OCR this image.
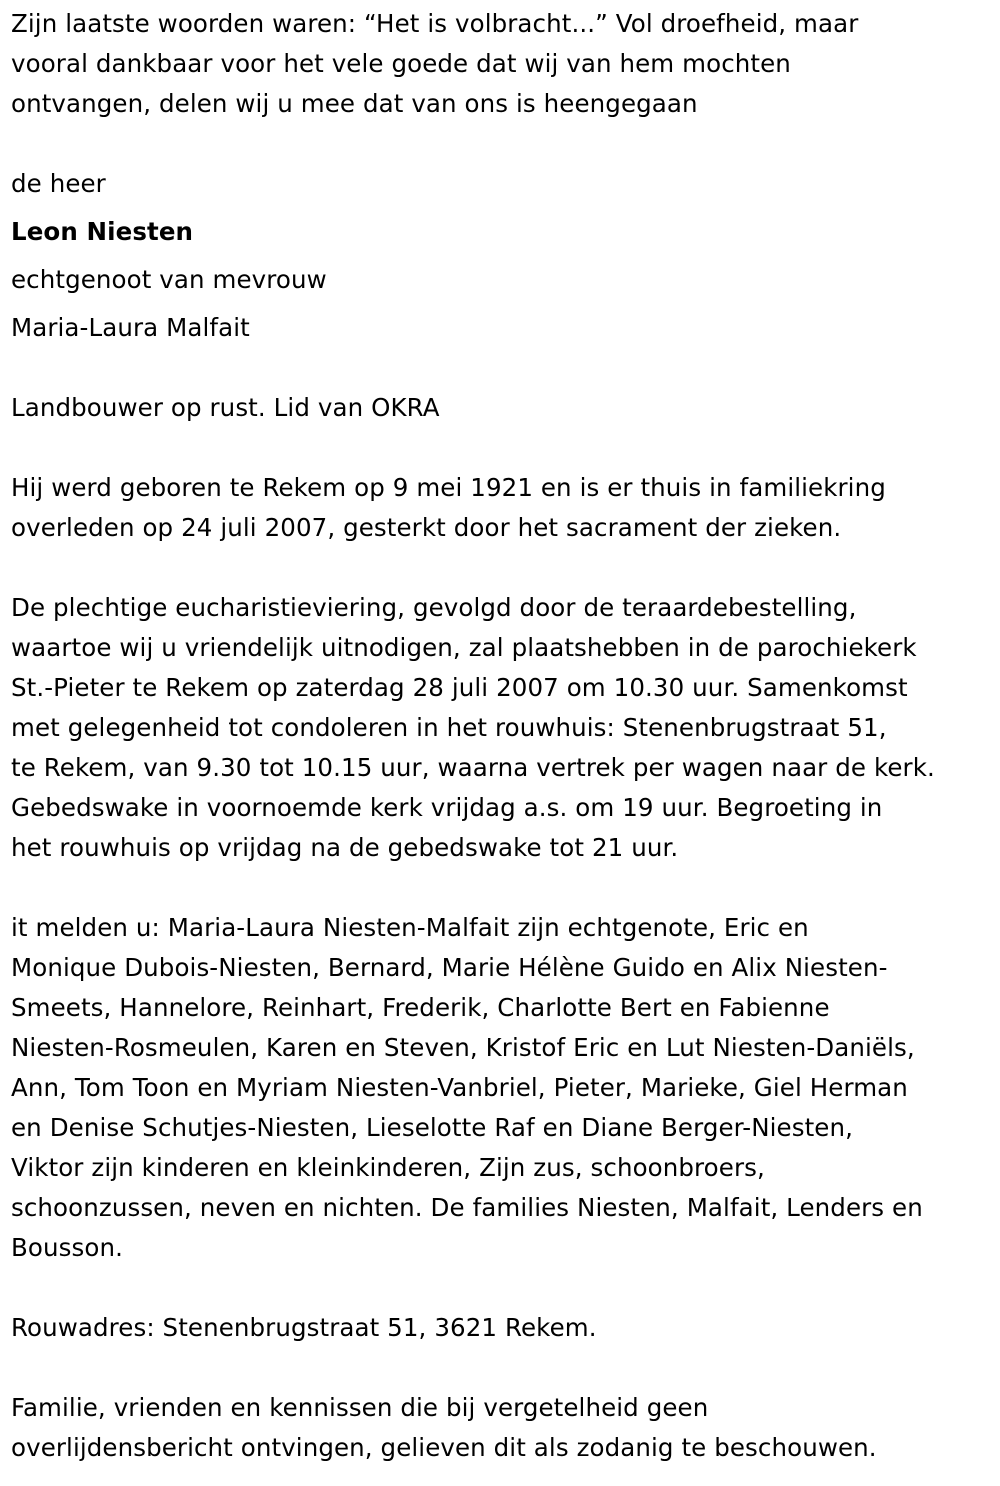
Zijn laatste woorden waren: “Het is volbracht...” Vol droefheid, maar
vooral dankbaar voor het vele goede dat wij van hem mochten
ontvangen, delen wij u mee dat van ons is heengegaan
de heer
Leon Niesten
echtgenoot van mevrouw
Maria-Laura Malfait
Landbouwer op rust. Lid van OKRA
Hij werd geboren te Rekem op 9 mei 1921 en is er thuis in familiekring
overleden op 24 juli 2007, gesterkt door het sacrament der zieken.
De plechtige eucharistieviering, gevolgd door de teraardebestelling,
waartoe wij u vriendelijk uitnodigen, zal plaatshebben in de parochiekerk
St.-Pieter te Rekem op zaterdag 28 juli 2007 om 10.30 uur. Samenkomst
met gelegenheid tot condoleren in het rouwhuis: Stenenbrugstraat 51,
te Rekem, van 9.30 tot 10.15 uur, waarna vertrek per wagen naar de kerk.
Gebedswake in voornoemde kerk vrijdag a.s. om 19 uur. Begroeting in
het rouwhuis op vrijdag na de gebedswake tot 21 uur.
it melden u: Maria-Laura Niesten-Malfait zijn echtgenote, Eric en
Monique Dubois-Niesten, Bernard, Marie Hélène Guido en Alix Niesten-
Smeets, Hannelore, Reinhart, Frederik, Charlotte Bert en Fabienne
Niesten-Rosmeulen, Karen en Steven, Kristof Eric en Lut Niesten-Daniëls,
Ann, Tom Toon en Myriam Niesten-Vanbriel, Pieter, Marieke, Giel Herman
en Denise Schutjes-Niesten, Lieselotte Raf en Diane Berger-Niesten,
Viktor zijn kinderen en kleinkinderen, Zijn zus, schoonbroers,
schoonzussen, neven en nichten. De families Niesten, Malfait, Lenders en
Bousson.
Rouwadres: Stenenbrugstraat 51, 3621 Rekem.
Familie, vrienden en kennissen die bij vergetelheid geen
overlijdensbericht ontvingen, gelieven dit als zodanig te beschouwen.
